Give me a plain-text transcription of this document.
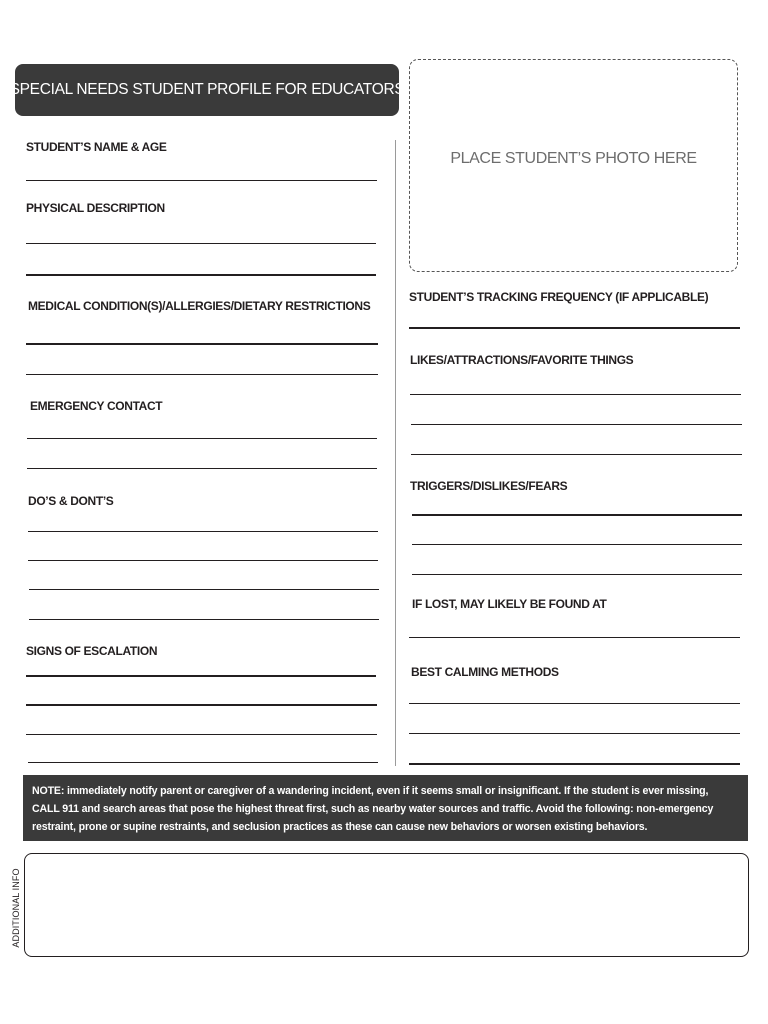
SPECIAL NEEDS STUDENT PROFILE FOR EDUCATORS
PLACE STUDENT’S PHOTO HERE
STUDENT’S NAME & AGE
PHYSICAL DESCRIPTION
MEDICAL CONDITION(S)/ALLERGIES/DIETARY RESTRICTIONS
EMERGENCY CONTACT
DO’S & DONT’S
SIGNS OF ESCALATION
STUDENT’S TRACKING FREQUENCY (IF APPLICABLE)
LIKES/ATTRACTIONS/FAVORITE THINGS
TRIGGERS/DISLIKES/FEARS
IF LOST, MAY LIKELY BE FOUND AT
BEST CALMING METHODS
NOTE: immediately notify parent or caregiver of a wandering incident, even if it seems small or insignificant. If the student is ever missing,
CALL 911 and search areas that pose the highest threat first, such as nearby water sources and traffic. Avoid the following: non-emergency
restraint, prone or supine restraints, and seclusion practices as these can cause new behaviors or worsen existing behaviors.
ADDITIONAL INFO
